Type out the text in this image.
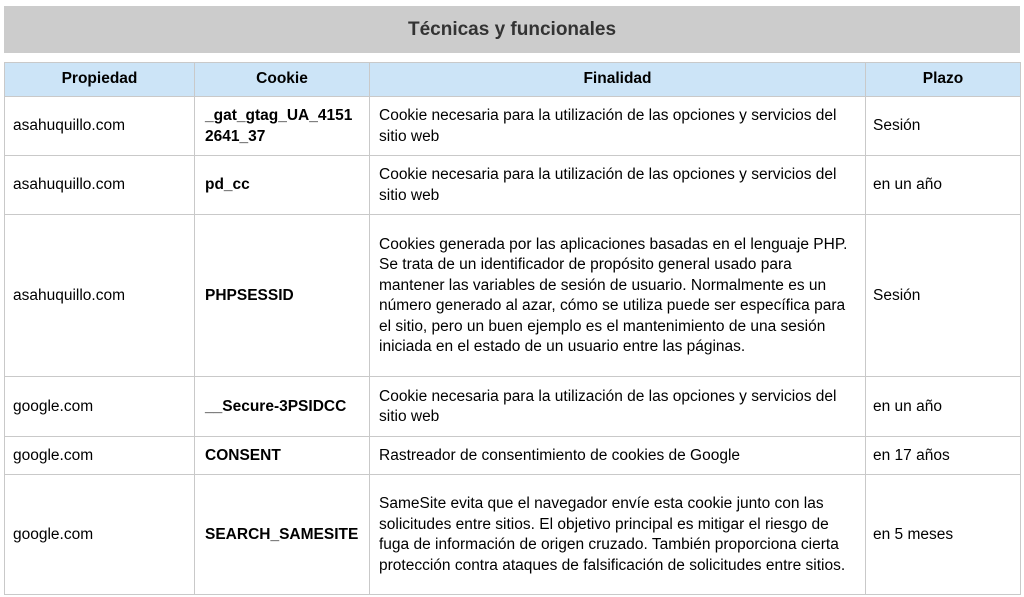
Técnicas y funcionales
Propiedad	Cookie	Finalidad	Plazo
asahuquillo.com	_gat_gtag_UA_41512641_37	Cookie necesaria para la utilización de las opciones y servicios del sitio web	Sesión
asahuquillo.com	pd_cc	Cookie necesaria para la utilización de las opciones y servicios del sitio web	en un año
asahuquillo.com	PHPSESSID	Cookies generada por las aplicaciones basadas en el lenguaje PHP. Se trata de un identificador de propósito general usado para mantener las variables de sesión de usuario. Normalmente es un número generado al azar, cómo se utiliza puede ser específica para el sitio, pero un buen ejemplo es el mantenimiento de una sesión iniciada en el estado de un usuario entre las páginas.	Sesión
google.com	__Secure-3PSIDCC	Cookie necesaria para la utilización de las opciones y servicios del sitio web	en un año
google.com	CONSENT	Rastreador de consentimiento de cookies de Google	en 17 años
google.com	SEARCH_SAMESITE	SameSite evita que el navegador envíe esta cookie junto con las solicitudes entre sitios. El objetivo principal es mitigar el riesgo de fuga de información de origen cruzado. También proporciona cierta protección contra ataques de falsificación de solicitudes entre sitios.	en 5 meses
